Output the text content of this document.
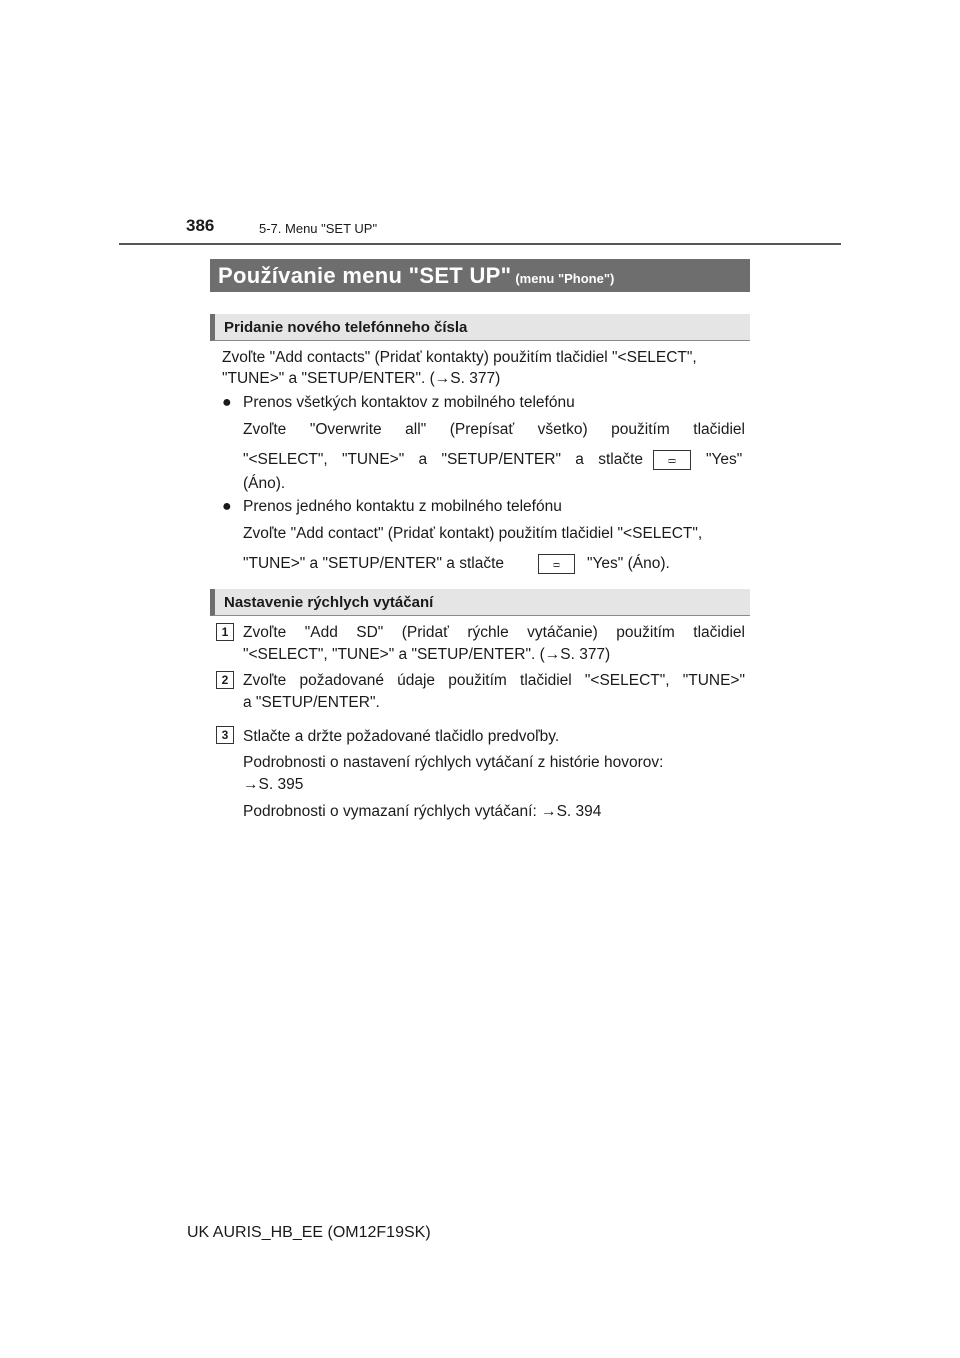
386	5-7. Menu "SET UP"
Používanie menu "SET UP" (menu "Phone")
Pridanie nového telefónneho čísla
Zvoľte "Add contacts" (Pridať kontakty) použitím tlačidiel "<SELECT",
"TUNE>" a "SETUP/ENTER". (→S. 377)
● Prenos všetkých kontaktov z mobilného telefónu
Zvoľte "Overwrite all" (Prepísať všetko) použitím tlačidiel
"<SELECT", "TUNE>" a "SETUP/ENTER" a stlačte	"Yes"
(Áno).
● Prenos jedného kontaktu z mobilného telefónu
Zvoľte "Add contact" (Pridať kontakt) použitím tlačidiel "<SELECT",
"TUNE>" a "SETUP/ENTER" a stlačte	"Yes" (Áno).
Nastavenie rýchlych vytáčaní
1 Zvoľte "Add SD" (Pridať rýchle vytáčanie) použitím tlačidiel
"<SELECT", "TUNE>" a "SETUP/ENTER". (→S. 377)
2 Zvoľte požadované údaje použitím tlačidiel "<SELECT", "TUNE>"
a "SETUP/ENTER".
3 Stlačte a držte požadované tlačidlo predvoľby.
Podrobnosti o nastavení rýchlych vytáčaní z histórie hovorov:
→S. 395
Podrobnosti o vymazaní rýchlych vytáčaní: →S. 394
UK AURIS_HB_EE (OM12F19SK)
